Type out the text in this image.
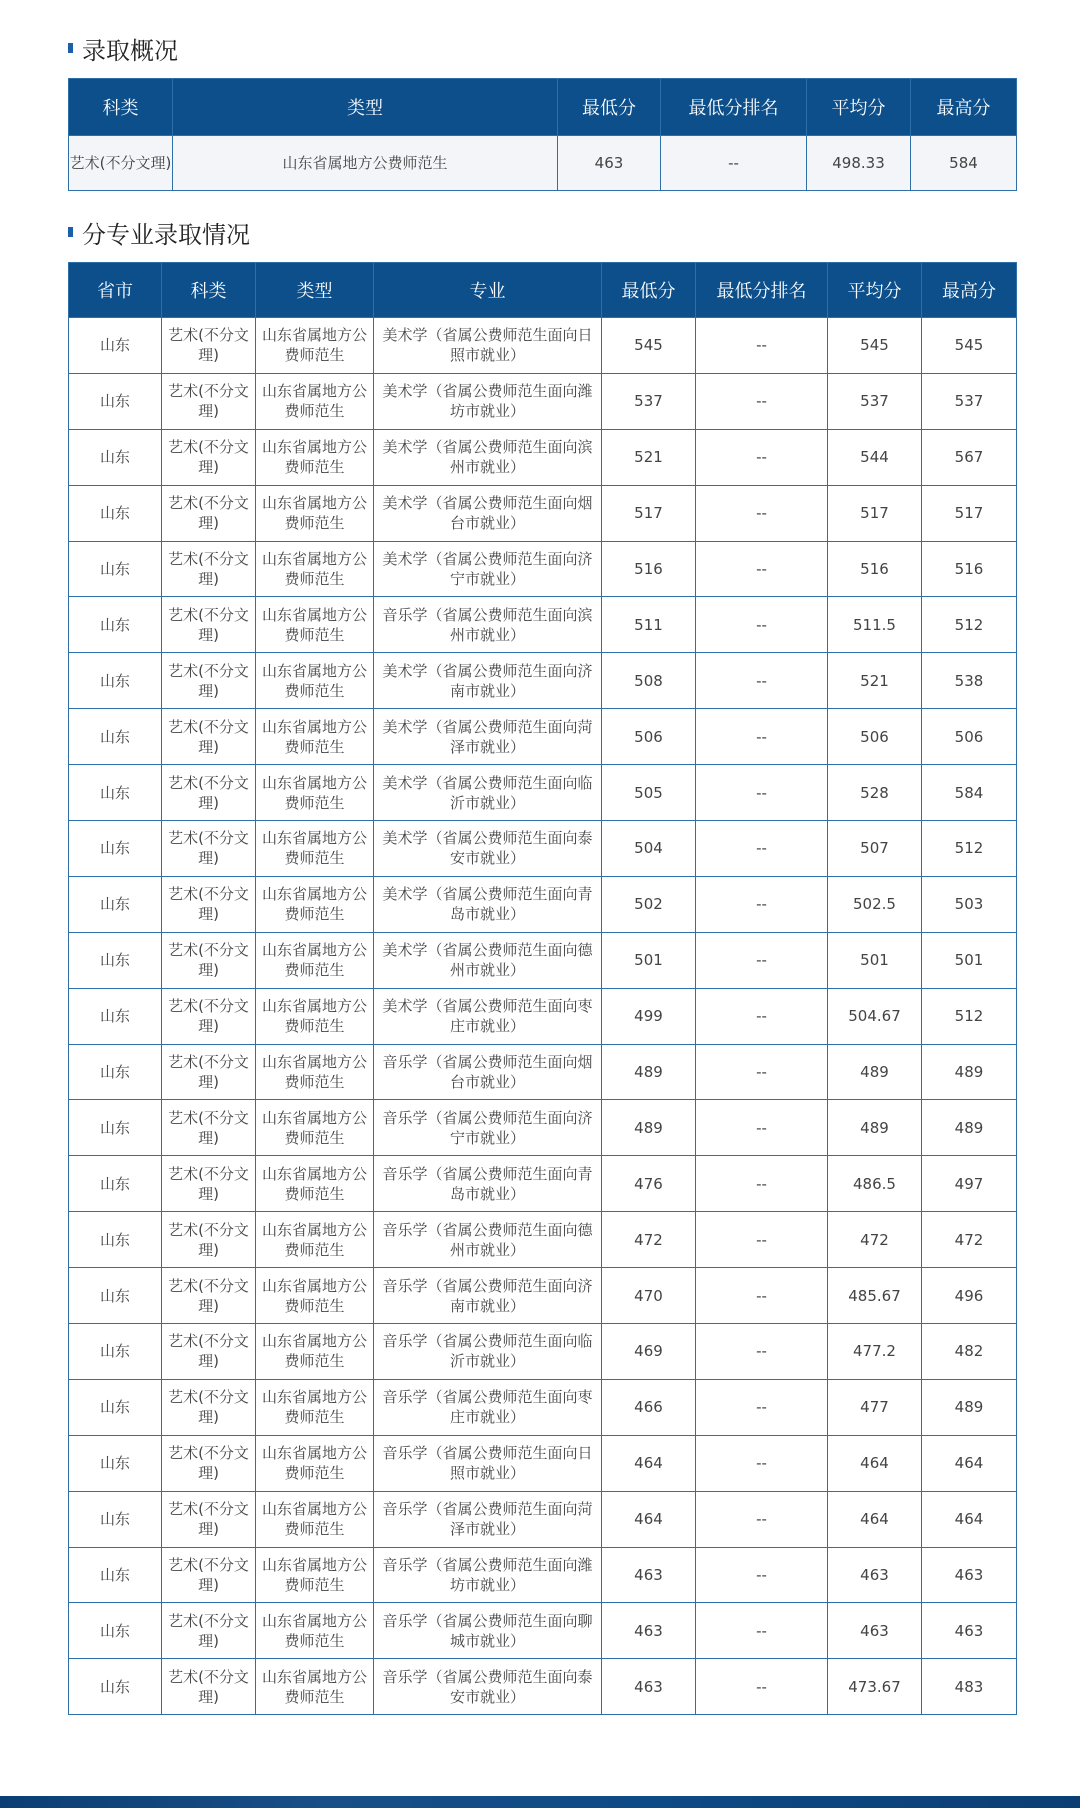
录取概况
科类	类型	最低分	最低分排名	平均分	最高分
艺术(不分文理)	山东省属地方公费师范生	463	--	498.33	584
分专业录取情况
省市	科类	类型	专业	最低分	最低分排名	平均分	最高分
山东	艺术(不分文理)	山东省属地方公费师范生	美术学（省属公费师范生面向日照市就业）	545	--	545	545
山东	艺术(不分文理)	山东省属地方公费师范生	美术学（省属公费师范生面向潍坊市就业）	537	--	537	537
山东	艺术(不分文理)	山东省属地方公费师范生	美术学（省属公费师范生面向滨州市就业）	521	--	544	567
山东	艺术(不分文理)	山东省属地方公费师范生	美术学（省属公费师范生面向烟台市就业）	517	--	517	517
山东	艺术(不分文理)	山东省属地方公费师范生	美术学（省属公费师范生面向济宁市就业）	516	--	516	516
山东	艺术(不分文理)	山东省属地方公费师范生	音乐学（省属公费师范生面向滨州市就业）	511	--	511.5	512
山东	艺术(不分文理)	山东省属地方公费师范生	美术学（省属公费师范生面向济南市就业）	508	--	521	538
山东	艺术(不分文理)	山东省属地方公费师范生	美术学（省属公费师范生面向菏泽市就业）	506	--	506	506
山东	艺术(不分文理)	山东省属地方公费师范生	美术学（省属公费师范生面向临沂市就业）	505	--	528	584
山东	艺术(不分文理)	山东省属地方公费师范生	美术学（省属公费师范生面向泰安市就业）	504	--	507	512
山东	艺术(不分文理)	山东省属地方公费师范生	美术学（省属公费师范生面向青岛市就业）	502	--	502.5	503
山东	艺术(不分文理)	山东省属地方公费师范生	美术学（省属公费师范生面向德州市就业）	501	--	501	501
山东	艺术(不分文理)	山东省属地方公费师范生	美术学（省属公费师范生面向枣庄市就业）	499	--	504.67	512
山东	艺术(不分文理)	山东省属地方公费师范生	音乐学（省属公费师范生面向烟台市就业）	489	--	489	489
山东	艺术(不分文理)	山东省属地方公费师范生	音乐学（省属公费师范生面向济宁市就业）	489	--	489	489
山东	艺术(不分文理)	山东省属地方公费师范生	音乐学（省属公费师范生面向青岛市就业）	476	--	486.5	497
山东	艺术(不分文理)	山东省属地方公费师范生	音乐学（省属公费师范生面向德州市就业）	472	--	472	472
山东	艺术(不分文理)	山东省属地方公费师范生	音乐学（省属公费师范生面向济南市就业）	470	--	485.67	496
山东	艺术(不分文理)	山东省属地方公费师范生	音乐学（省属公费师范生面向临沂市就业）	469	--	477.2	482
山东	艺术(不分文理)	山东省属地方公费师范生	音乐学（省属公费师范生面向枣庄市就业）	466	--	477	489
山东	艺术(不分文理)	山东省属地方公费师范生	音乐学（省属公费师范生面向日照市就业）	464	--	464	464
山东	艺术(不分文理)	山东省属地方公费师范生	音乐学（省属公费师范生面向菏泽市就业）	464	--	464	464
山东	艺术(不分文理)	山东省属地方公费师范生	音乐学（省属公费师范生面向潍坊市就业）	463	--	463	463
山东	艺术(不分文理)	山东省属地方公费师范生	音乐学（省属公费师范生面向聊城市就业）	463	--	463	463
山东	艺术(不分文理)	山东省属地方公费师范生	音乐学（省属公费师范生面向泰安市就业）	463	--	473.67	483
